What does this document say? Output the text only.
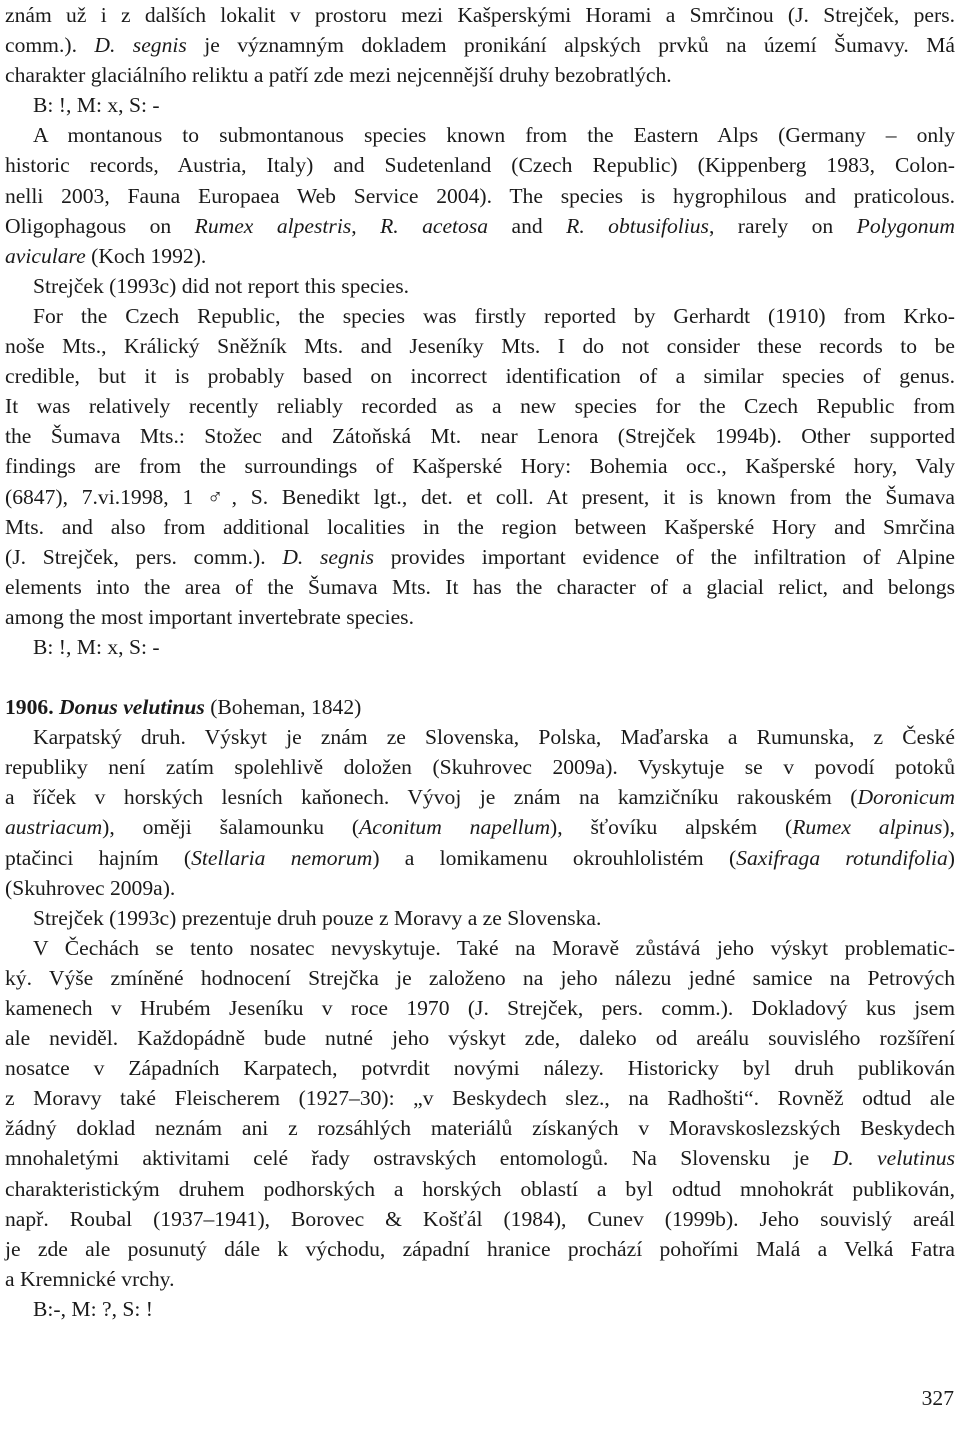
znám už i z dalších lokalit v prostoru mezi Kašperskými Horami a Smrčinou (J. Strejček, pers.
comm.). D. segnis je významným dokladem pronikání alpských prvků na území Šumavy. Má
charakter glaciálního reliktu a patří zde mezi nejcennější druhy bezobratlých.
B: !, M: x, S: -
A montanous to submontanous species known from the Eastern Alps (Germany – only
historic records, Austria, Italy) and Sudetenland (Czech Republic) (Kippenberg 1983, Colon-
nelli 2003, Fauna Europaea Web Service 2004). The species is hygrophilous and praticolous.
Oligophagous on Rumex alpestris, R. acetosa and R. obtusifolius, rarely on Polygonum
aviculare (Koch 1992).
Strejček (1993c) did not report this species.
For the Czech Republic, the species was firstly reported by Gerhardt (1910) from Krko-
noše Mts., Králický Sněžník Mts. and Jeseníky Mts. I do not consider these records to be
credible, but it is probably based on incorrect identification of a similar species of genus.
It was relatively recently reliably recorded as a new species for the Czech Republic from
the Šumava Mts.: Stožec and Zátoňská Mt. near Lenora (Strejček 1994b). Other supported
findings are from the surroundings of Kašperské Hory: Bohemia occ., Kašperské hory, Valy
(6847), 7.vi.1998, 1 ♂, S. Benedikt lgt., det. et coll. At present, it is known from the Šumava
Mts. and also from additional localities in the region between Kašperské Hory and Smrčina
(J. Strejček, pers. comm.). D. segnis provides important evidence of the infiltration of Alpine
elements into the area of the Šumava Mts. It has the character of a glacial relict, and belongs
among the most important invertebrate species.
B: !, M: x, S: -
1906. Donus velutinus (Boheman, 1842)
Karpatský druh. Výskyt je znám ze Slovenska, Polska, Maďarska a Rumunska, z České
republiky není zatím spolehlivě doložen (Skuhrovec 2009a). Vyskytuje se v povodí potoků
a říček v horských lesních kaňonech. Vývoj je znám na kamzičníku rakouském (Doronicum
austriacum), oměji šalamounku (Aconitum napellum), šťovíku alpském (Rumex alpinus),
ptačinci hajním (Stellaria nemorum) a lomikamenu okrouhlolistém (Saxifraga rotundifolia)
(Skuhrovec 2009a).
Strejček (1993c) prezentuje druh pouze z Moravy a ze Slovenska.
V Čechách se tento nosatec nevyskytuje. Také na Moravě zůstává jeho výskyt problematic-
ký. Výše zmíněné hodnocení Strejčka je založeno na jeho nálezu jedné samice na Petrových
kamenech v Hrubém Jeseníku v roce 1970 (J. Strejček, pers. comm.). Dokladový kus jsem
ale neviděl. Každopádně bude nutné jeho výskyt zde, daleko od areálu souvislého rozšíření
nosatce v Západních Karpatech, potvrdit novými nálezy. Historicky byl druh publikován
z Moravy také Fleischerem (1927–30): „v Beskydech slez., na Radhošti“. Rovněž odtud ale
žádný doklad neznám ani z rozsáhlých materiálů získaných v Moravskoslezských Beskydech
mnohaletými aktivitami celé řady ostravských entomologů. Na Slovensku je D. velutinus
charakteristickým druhem podhorských a horských oblastí a byl odtud mnohokrát publikován,
např. Roubal (1937–1941), Borovec & Košťál (1984), Cunev (1999b). Jeho souvislý areál
je zde ale posunutý dále k východu, západní hranice prochází pohořími Malá a Velká Fatra
a Kremnické vrchy.
B:-, M: ?, S: !
327
